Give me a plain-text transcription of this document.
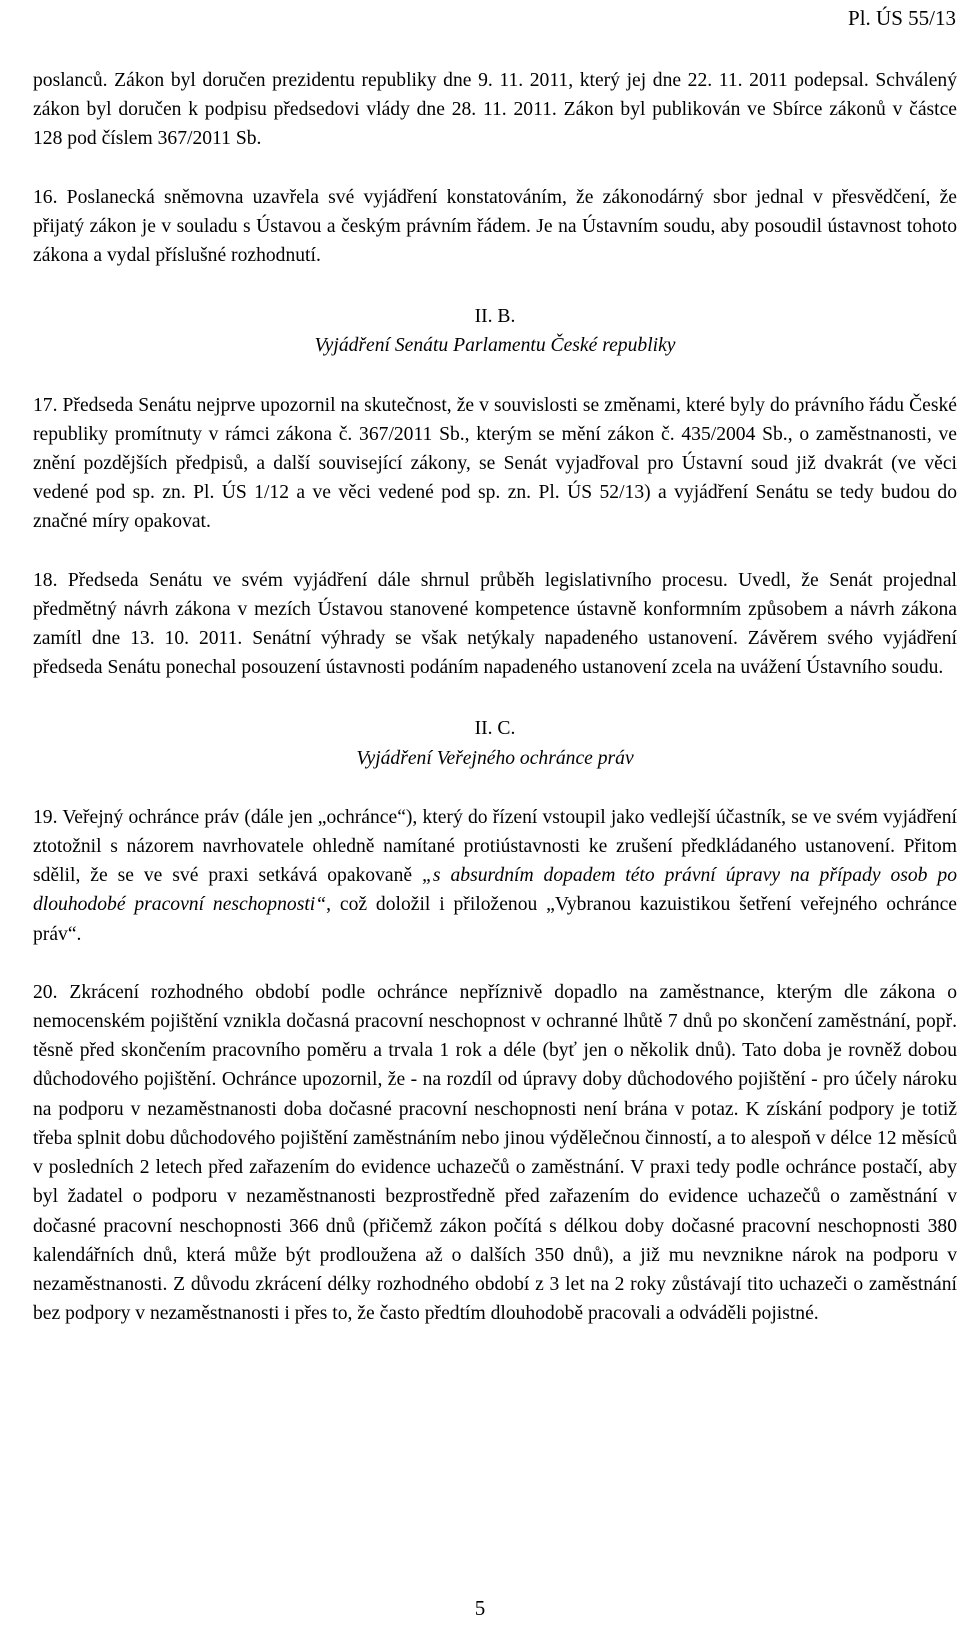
Pl. ÚS 55/13

poslanců. Zákon byl doručen prezidentu republiky dne 9. 11. 2011, který jej dne 22. 11. 2011 podepsal. Schválený zákon byl doručen k podpisu předsedovi vlády dne 28. 11. 2011. Zákon byl publikován ve Sbírce zákonů v částce 128 pod číslem 367/2011 Sb.

16. Poslanecká sněmovna uzavřela své vyjádření konstatováním, že zákonodárný sbor jednal v přesvědčení, že přijatý zákon je v souladu s Ústavou a českým právním řádem. Je na Ústavním soudu, aby posoudil ústavnost tohoto zákona a vydal příslušné rozhodnutí.

II. B.
Vyjádření Senátu Parlamentu České republiky

17. Předseda Senátu nejprve upozornil na skutečnost, že v souvislosti se změnami, které byly do právního řádu České republiky promítnuty v rámci zákona č. 367/2011 Sb., kterým se mění zákon č. 435/2004 Sb., o zaměstnanosti, ve znění pozdějších předpisů, a další související zákony, se Senát vyjadřoval pro Ústavní soud již dvakrát (ve věci vedené pod sp. zn. Pl. ÚS 1/12 a ve věci vedené pod sp. zn. Pl. ÚS 52/13) a vyjádření Senátu se tedy budou do značné míry opakovat.

18. Předseda Senátu ve svém vyjádření dále shrnul průběh legislativního procesu. Uvedl, že Senát projednal předmětný návrh zákona v mezích Ústavou stanovené kompetence ústavně konformním způsobem a návrh zákona zamítl dne 13. 10. 2011. Senátní výhrady se však netýkaly napadeného ustanovení. Závěrem svého vyjádření předseda Senátu ponechal posouzení ústavnosti podáním napadeného ustanovení zcela na uvážení Ústavního soudu.

II. C.
Vyjádření Veřejného ochránce práv

19. Veřejný ochránce práv (dále jen „ochránce“), který do řízení vstoupil jako vedlejší účastník, se ve svém vyjádření ztotožnil s názorem navrhovatele ohledně namítané protiústavnosti ke zrušení předkládaného ustanovení. Přitom sdělil, že se ve své praxi setkává opakovaně „s absurdním dopadem této právní úpravy na případy osob po dlouhodobé pracovní neschopnosti“, což doložil i přiloženou „Vybranou kazuistikou šetření veřejného ochránce práv“.

20. Zkrácení rozhodného období podle ochránce nepříznivě dopadlo na zaměstnance, kterým dle zákona o nemocenském pojištění vznikla dočasná pracovní neschopnost v ochranné lhůtě 7 dnů po skončení zaměstnání, popř. těsně před skončením pracovního poměru a trvala 1 rok a déle (byť jen o několik dnů). Tato doba je rovněž dobou důchodového pojištění. Ochránce upozornil, že - na rozdíl od úpravy doby důchodového pojištění - pro účely nároku na podporu v nezaměstnanosti doba dočasné pracovní neschopnosti není brána v potaz. K získání podpory je totiž třeba splnit dobu důchodového pojištění zaměstnáním nebo jinou výdělečnou činností, a to alespoň v délce 12 měsíců v posledních 2 letech před zařazením do evidence uchazečů o zaměstnání. V praxi tedy podle ochránce postačí, aby byl žadatel o podporu v nezaměstnanosti bezprostředně před zařazením do evidence uchazečů o zaměstnání v dočasné pracovní neschopnosti 366 dnů (přičemž zákon počítá s délkou doby dočasné pracovní neschopnosti 380 kalendářních dnů, která může být prodloužena až o dalších 350 dnů), a již mu nevznikne nárok na podporu v nezaměstnanosti. Z důvodu zkrácení délky rozhodného období z 3 let na 2 roky zůstávají tito uchazeči o zaměstnání bez podpory v nezaměstnanosti i přes to, že často předtím dlouhodobě pracovali a odváděli pojistné.

5
